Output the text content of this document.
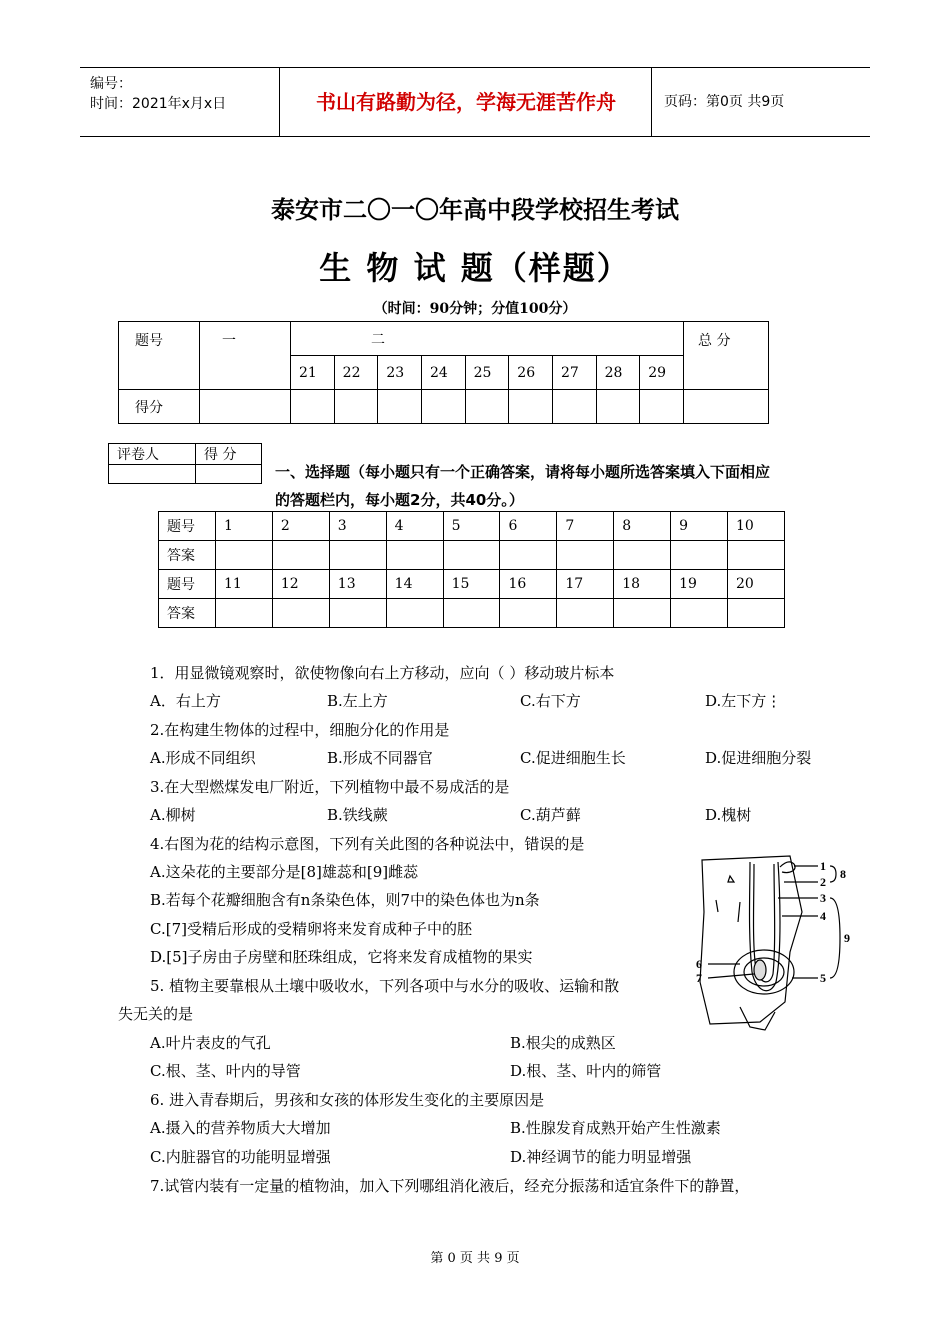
编号：
时间：2021年x月x日	书山有路勤为径，学海无涯苦作舟	页码：第0页 共9页
泰安市二〇一〇年高中段学校招生考试
生 物 试 题（样题）
（时间：90分钟；分值100分）
题号	一	二									总 分
		21	22	23	24	25	26	27	28	29	
得分											
评卷人	得 分

一、选择题（每小题只有一个正确答案，请将每小题所选答案填入下面相应
的答题栏内，每小题2分，共40分。）
题号	1	2	3	4	5	6	7	8	9	10
答案										
题号	11	12	13	14	15	16	17	18	19	20
答案										
1．用显微镜观察时，欲使物像向右上方移动，应向（ ）移动玻片标本
A．右上方	B.左上方	C.右下方	D.左下方⋮
2.在构建生物体的过程中，细胞分化的作用是
A.形成不同组织	B.形成不同器官	C.促进细胞生长	D.促进细胞分裂
3.在大型燃煤发电厂附近，下列植物中最不易成活的是
A.柳树	B.铁线蕨	C.葫芦藓	D.槐树
4.右图为花的结构示意图，下列有关此图的各种说法中，错误的是
A.这朵花的主要部分是[8]雄蕊和[9]雌蕊
B.若每个花瓣细胞含有n条染色体，则7中的染色体也为n条
C.[7]受精后形成的受精卵将来发育成种子中的胚
D.[5]子房由子房壁和胚珠组成，它将来发育成植物的果实
5. 植物主要靠根从土壤中吸收水，下列各项中与水分的吸收、运输和散
失无关的是
A.叶片表皮的气孔	B.根尖的成熟区
C.根、茎、叶内的导管	D.根、茎、叶内的筛管
6. 进入青春期后，男孩和女孩的体形发生变化的主要原因是
A.摄入的营养物质大大增加	B.性腺发育成熟开始产生性激素
C.内脏器官的功能明显增强	D.神经调节的能力明显增强
7.试管内装有一定量的植物油，加入下列哪组消化液后，经充分振荡和适宜条件下的静置，
1
2
8
3
4
9
6
7	5
第 0 页 共 9 页
